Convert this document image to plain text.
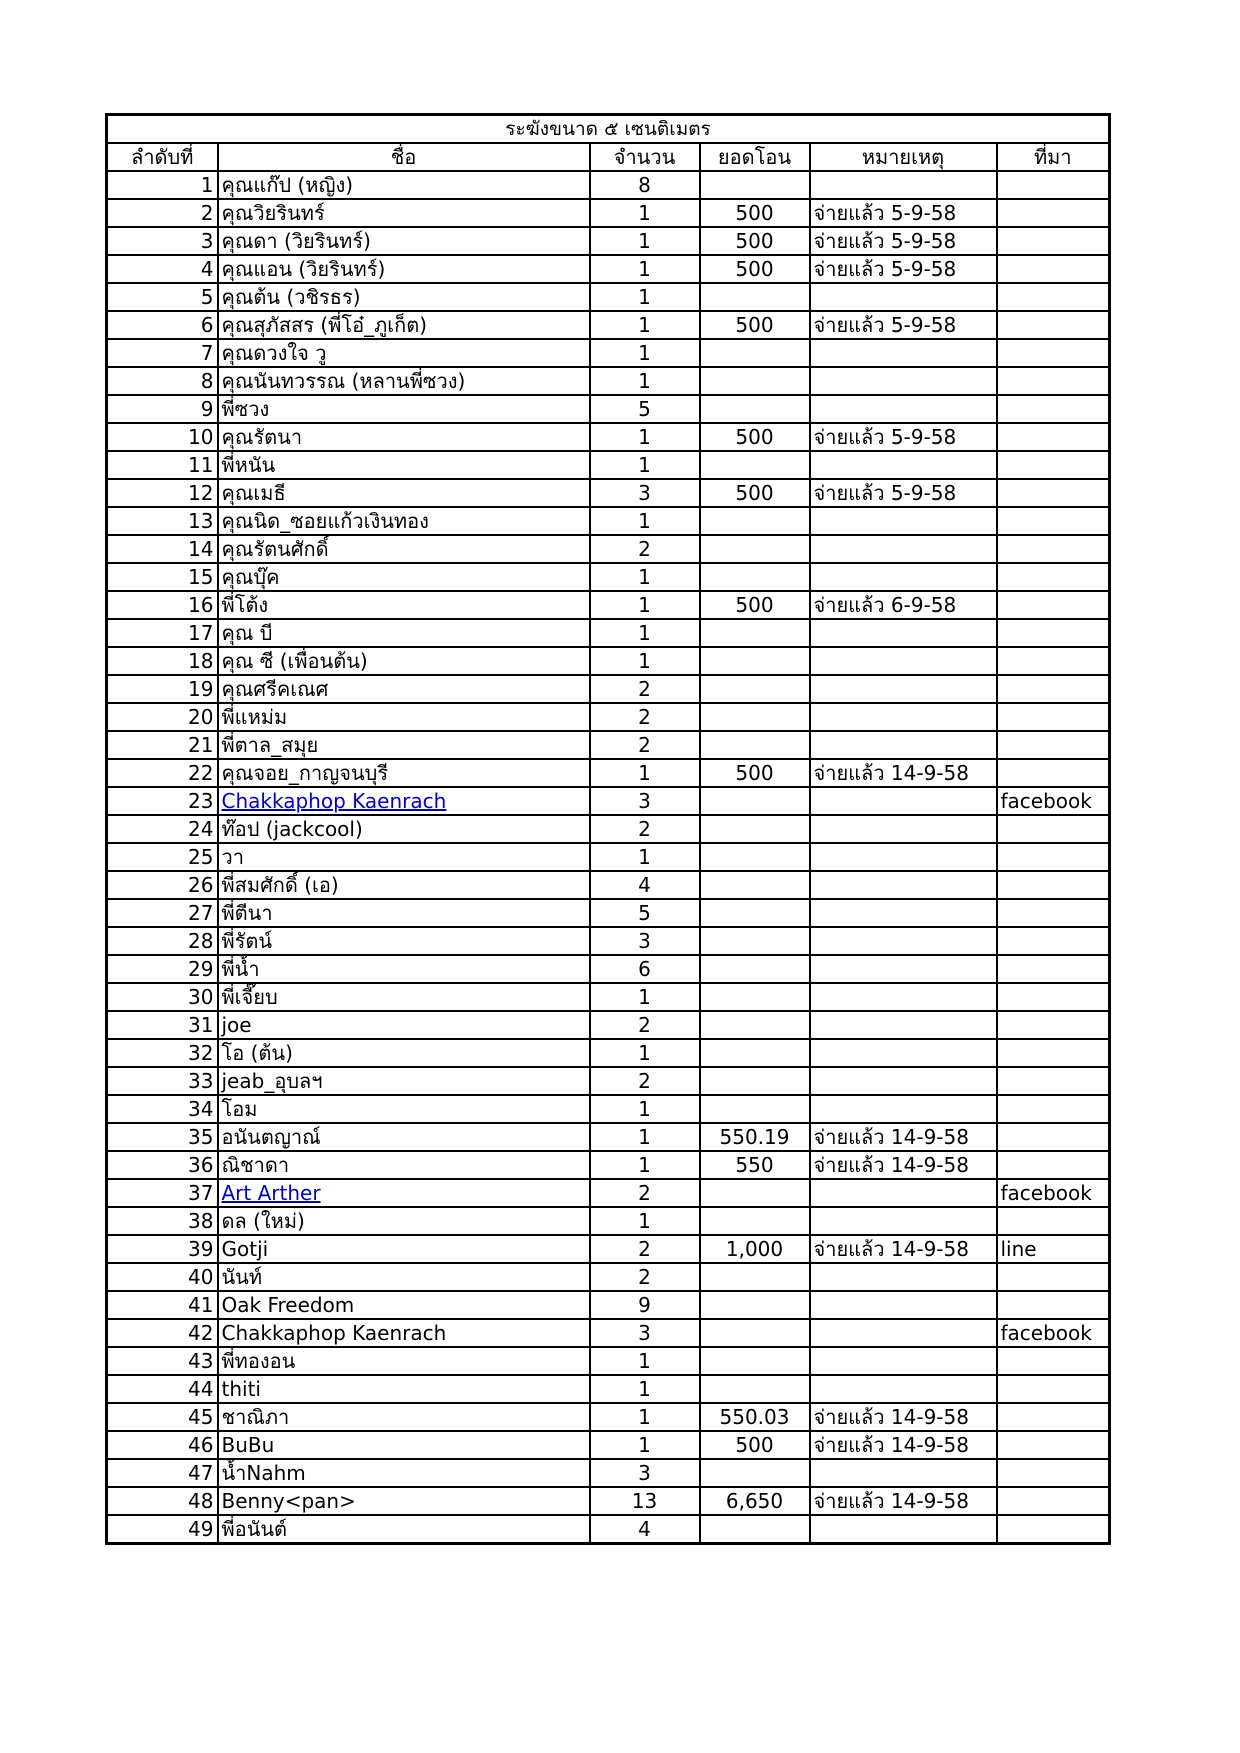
ระฆังขนาด ๕ เซนติเมตร					
ลำดับที่	ชื่อ	จำนวน	ยอดโอน	หมายเหตุ	ที่มา
1	คุณแก๊ป (หญิง)	8			
2	คุณวิยรินทร์	1	500	จ่ายแล้ว 5-9-58	
3	คุณดา (วิยรินทร์)	1	500	จ่ายแล้ว 5-9-58	
4	คุณแอน (วิยรินทร์)	1	500	จ่ายแล้ว 5-9-58	
5	คุณต้น (วชิรธร)	1			
6	คุณสุภัสสร (พี่โอ๋_ภูเก็ต)	1	500	จ่ายแล้ว 5-9-58	
7	คุณดวงใจ วู	1			
8	คุณนันทวรรณ (หลานพี่ซวง)	1			
9	พี่ซวง	5			
10	คุณรัตนา	1	500	จ่ายแล้ว 5-9-58	
11	พี่หนัน	1			
12	คุณเมธี	3	500	จ่ายแล้ว 5-9-58	
13	คุณนิด_ซอยแก้วเงินทอง	1			
14	คุณรัตนศักดิ์	2			
15	คุณบุ๊ค	1			
16	พี่โต้ง	1	500	จ่ายแล้ว 6-9-58	
17	คุณ บี	1			
18	คุณ ซี (เพื่อนต้น)	1			
19	คุณศรีคเณศ	2			
20	พี่แหม่ม	2			
21	พี่ตาล_สมุย	2			
22	คุณจอย_กาญจนบุรี	1	500	จ่ายแล้ว 14-9-58	
23	Chakkaphop Kaenrach	3			facebook
24	ท๊อป (jackcool)	2			
25	วา	1			
26	พี่สมศักดิ์ (เอ)	4			
27	พี่ตีนา	5			
28	พี่รัตน์	3			
29	พี่น้ำ	6			
30	พี่เจี๊ยบ	1			
31	joe	2			
32	โอ (ต้น)	1			
33	jeab_อุบลฯ	2			
34	โอม	1			
35	อนันตญาณ์	1	550.19	จ่ายแล้ว 14-9-58	
36	ณิชาดา	1	550	จ่ายแล้ว 14-9-58	
37	Art Arther	2			facebook
38	ดล (ใหม่)	1			
39	Gotji	2	1,000	จ่ายแล้ว 14-9-58	line
40	นันท์	2			
41	Oak Freedom	9			
42	Chakkaphop Kaenrach	3			facebook
43	พี่ทองอน	1			
44	thiti	1			
45	ชาณิภา	1	550.03	จ่ายแล้ว 14-9-58	
46	BuBu	1	500	จ่ายแล้ว 14-9-58	
47	น้ำNahm	3			
48	Benny<pan>	13	6,650	จ่ายแล้ว 14-9-58	
49	พี่อนันต์	4			
